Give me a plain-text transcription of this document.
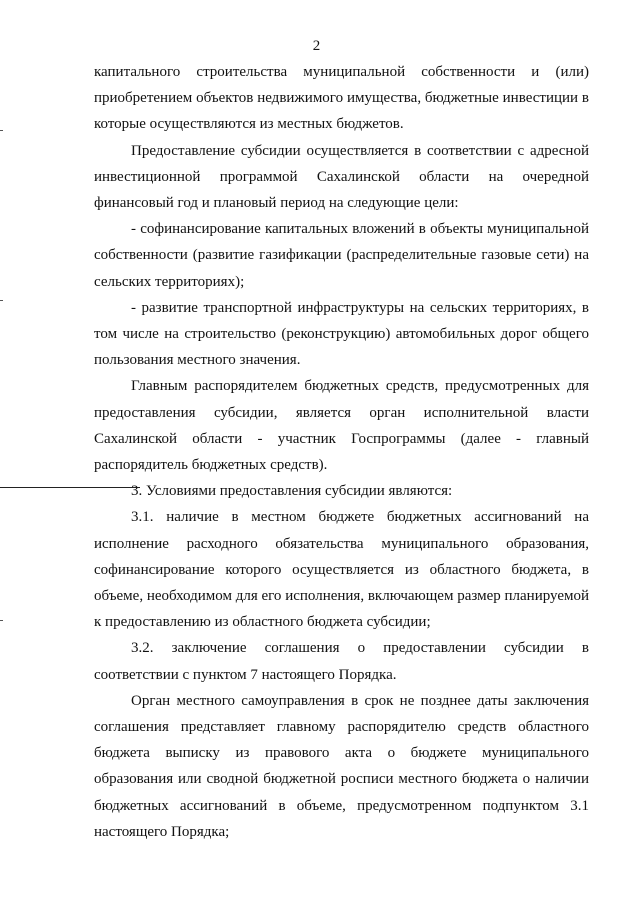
2

капитального строительства муниципальной собственности и (или) приобретением объектов недвижимого имущества, бюджетные инвестиции в которые осуществляются из местных бюджетов.

Предоставление субсидии осуществляется в соответствии с адресной инвестиционной программой Сахалинской области на очередной финансовый год и плановый период на следующие цели:

- софинансирование капитальных вложений в объекты муниципальной собственности (развитие газификации (распределительные газовые сети) на сельских территориях);

- развитие транспортной инфраструктуры на сельских территориях, в том числе на строительство (реконструкцию) автомобильных дорог общего пользования местного значения.

Главным распорядителем бюджетных средств, предусмотренных для предоставления субсидии, является орган исполнительной власти Сахалинской области - участник Госпрограммы (далее - главный распорядитель бюджетных средств).

3. Условиями предоставления субсидии являются:

3.1. наличие в местном бюджете бюджетных ассигнований на исполнение расходного обязательства муниципального образования, софинансирование которого осуществляется из областного бюджета, в объеме, необходимом для его исполнения, включающем размер планируемой к предоставлению из областного бюджета субсидии;

3.2. заключение соглашения о предоставлении субсидии в соответствии с пунктом 7 настоящего Порядка.

Орган местного самоуправления в срок не позднее даты заключения соглашения представляет главному распорядителю средств областного бюджета выписку из правового акта о бюджете муниципального образования или сводной бюджетной росписи местного бюджета о наличии бюджетных ассигнований в объеме, предусмотренном подпунктом 3.1 настоящего Порядка;
